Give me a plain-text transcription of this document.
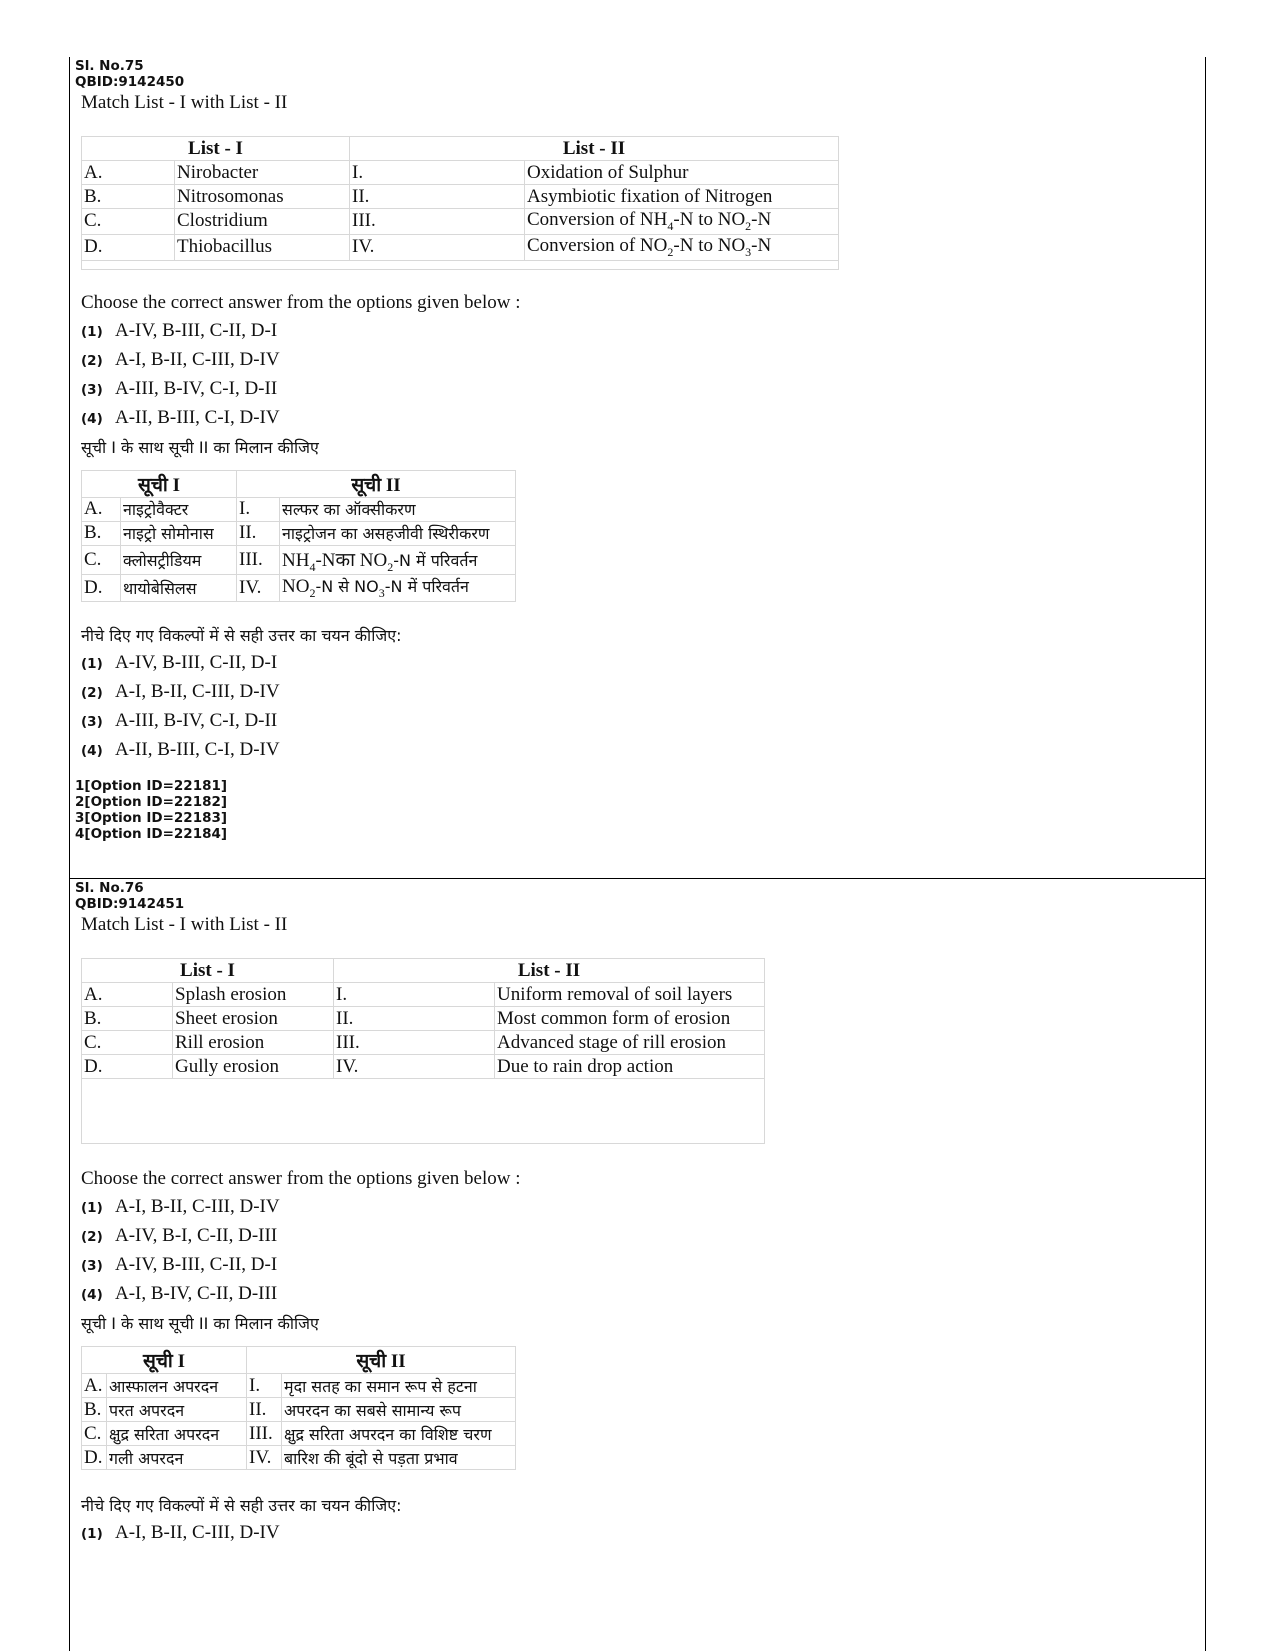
Sl. No.75

QBID:9142450

Match List - I with List - II

List - I		List - II	
A.	Nirobacter	I.	Oxidation of Sulphur
B.	Nitrosomonas	II.	Asymbiotic fixation of Nitrogen
C.	Clostridium	III.	Conversion of $NH_4-N$ to $NO_2-N$
D.	Thiobacillus	IV.	Conversion of $NO_2-N$ to $NO_3-N$

Choose the correct answer from the options given below :

(1) A-IV, B-III, C-II, D-I
(2) A-I, B-II, C-III, D-IV
(3) A-III, B-IV, C-I, D-II
(4) A-II, B-III, C-I, D-IV

सूची I के साथ सूची II का मिलान कीजिए

सूची I		सूची II	
A.	नाइट्रोवैक्टर	I.	सल्फर का ऑक्सीकरण
B.	नाइट्रो सोमोनास	II.	नाइट्रोजन का असहजीवी स्थिरीकरण
C.	क्लोसट्रीडियम	III.	$NH_4-Nका$ $NO_2-N$ में परिवर्तन
D.	थायोबेसिलस	IV.	$NO_2-N$ से $NO_3-N$ में परिवर्तन

नीचे दिए गए विकल्पों में से सही उत्तर का चयन कीजिए:

(1) A-IV, B-III, C-II, D-I
(2) A-I, B-II, C-III, D-IV
(3) A-III, B-IV, C-I, D-II
(4) A-II, B-III, C-I, D-IV

1[Option ID=22181]

2[Option ID=22182]

3[Option ID=22183]

4[Option ID=22184]

Sl. No.76

QBID:9142451

Match List - I with List - II

List - I		List - II	
A.	Splash erosion	I.	Uniform removal of soil layers
B.	Sheet erosion	II.	Most common form of erosion
C.	Rill erosion	III.	Advanced stage of rill erosion
D.	Gully erosion	IV.	Due to rain drop action

Choose the correct answer from the options given below :

(1) A-I, B-II, C-III, D-IV
(2) A-IV, B-I, C-II, D-III
(3) A-IV, B-III, C-II, D-I
(4) A-I, B-IV, C-II, D-III

सूची I के साथ सूची II का मिलान कीजिए

सूची I		सूची II	
A.	आस्फालन अपरदन	I.	मृदा सतह का समान रूप से हटना
B.	परत अपरदन	II.	अपरदन का सबसे सामान्य रूप
C.	क्षुद्र सरिता अपरदन	III.	क्षुद्र सरिता अपरदन का विशिष्ट चरण
D.	गली अपरदन	IV.	बारिश की बूंदो से पड़ता प्रभाव

नीचे दिए गए विकल्पों में से सही उत्तर का चयन कीजिए:

(1) A-I, B-II, C-III, D-IV
